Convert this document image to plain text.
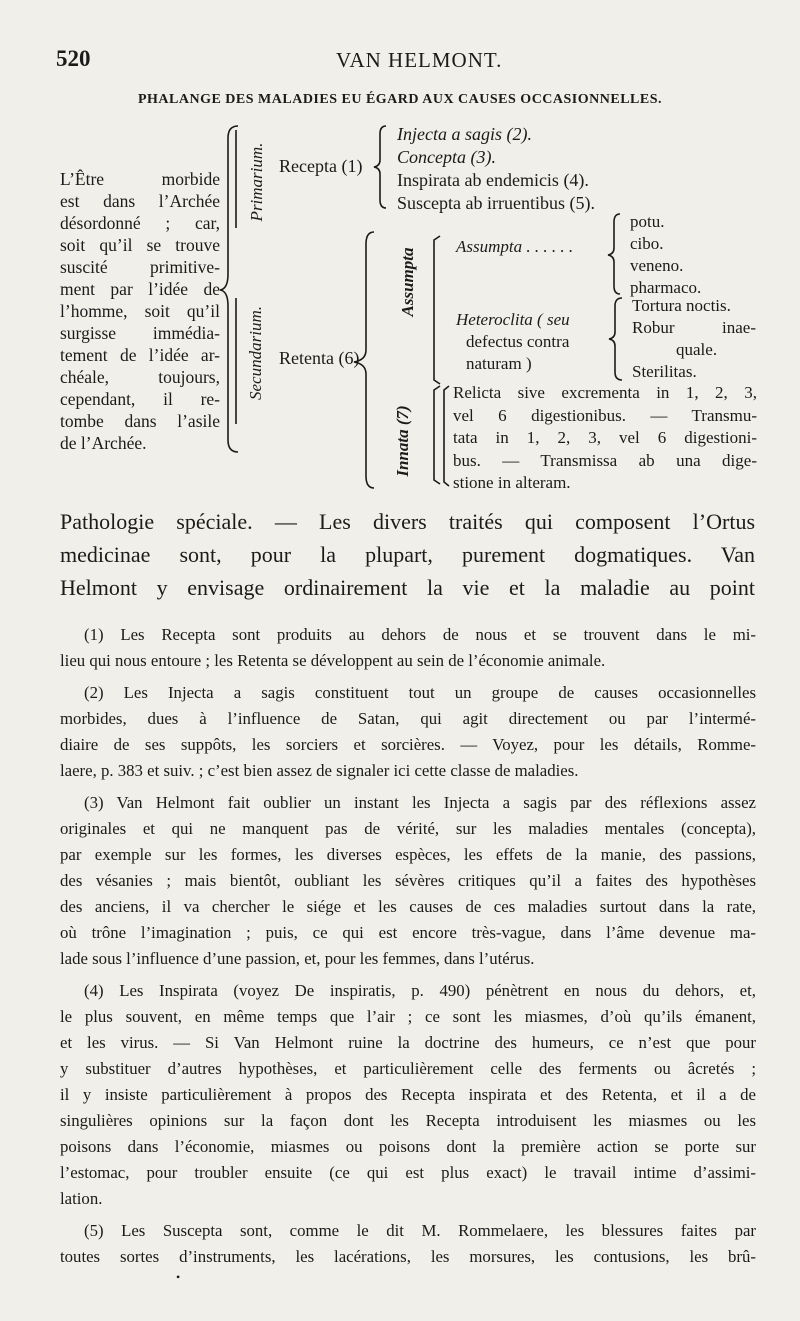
520	VAN HELMONT.
PHALANGE DES MALADIES EU ÉGARD AUX CAUSES OCCASIONNELLES.
L’Être morbide
est dans l’Archée
désordonné ; car,
soit qu’il se trouve
suscité primitive-
ment par l’idée de
l’homme, soit qu’il
surgisse immédia-
tement de l’idée ar-
chéale, toujours,
cependant, il re-
tombe dans l’asile
de l’Archée.
Primarium.
Secundarium.
Recepta (1)
Injecta a sagis (2).
Concepta (3).
Inspirata ab endemicis (4).
Suscepta ab irruentibus (5).
Retenta (6)
Assumpta
Innata (7)
Assumpta . . . . . .
potu.
cibo.
veneno.
pharmaco.
Heteroclita ( seu
defectus contra
naturam )
Tortura noctis.
Robur inae-
quale.
Sterilitas.
Relicta sive excrementa in 1, 2, 3,
vel 6 digestionibus. — Transmu-
tata in 1, 2, 3, vel 6 digestioni-
bus. — Transmissa ab una dige-
stione in alteram.
Pathologie spéciale. — Les divers traités qui composent l’Ortus
medicinae sont, pour la plupart, purement dogmatiques. Van
Helmont y envisage ordinairement la vie et la maladie au point
(1) Les Recepta sont produits au dehors de nous et se trouvent dans le mi-
lieu qui nous entoure ; les Retenta se développent au sein de l’économie animale.
(2) Les Injecta a sagis constituent tout un groupe de causes occasionnelles
morbides, dues à l’influence de Satan, qui agit directement ou par l’intermé-
diaire de ses suppôts, les sorciers et sorcières. — Voyez, pour les détails, Romme-
laere, p. 383 et suiv. ; c’est bien assez de signaler ici cette classe de maladies.
(3) Van Helmont fait oublier un instant les Injecta a sagis par des réflexions assez
originales et qui ne manquent pas de vérité, sur les maladies mentales (concepta),
par exemple sur les formes, les diverses espèces, les effets de la manie, des passions,
des vésanies ; mais bientôt, oubliant les sévères critiques qu’il a faites des hypothèses
des anciens, il va chercher le siége et les causes de ces maladies surtout dans la rate,
où trône l’imagination ; puis, ce qui est encore très-vague, dans l’âme devenue ma-
lade sous l’influence d’une passion, et, pour les femmes, dans l’utérus.
(4) Les Inspirata (voyez De inspiratis, p. 490) pénètrent en nous du dehors, et,
le plus souvent, en même temps que l’air ; ce sont les miasmes, d’où qu’ils émanent,
et les virus. — Si Van Helmont ruine la doctrine des humeurs, ce n’est que pour
y substituer d’autres hypothèses, et particulièrement celle des ferments ou âcretés ;
il y insiste particulièrement à propos des Recepta inspirata et des Retenta, et il a de
singulières opinions sur la façon dont les Recepta introduisent les miasmes ou les
poisons dans l’économie, miasmes ou poisons dont la première action se porte sur
l’estomac, pour troubler ensuite (ce qui est plus exact) le travail intime d’assimi-
lation.
(5) Les Suscepta sont, comme le dit M. Rommelaere, les blessures faites par
toutes sortes d’instruments, les lacérations, les morsures, les contusions, les brû-
•
